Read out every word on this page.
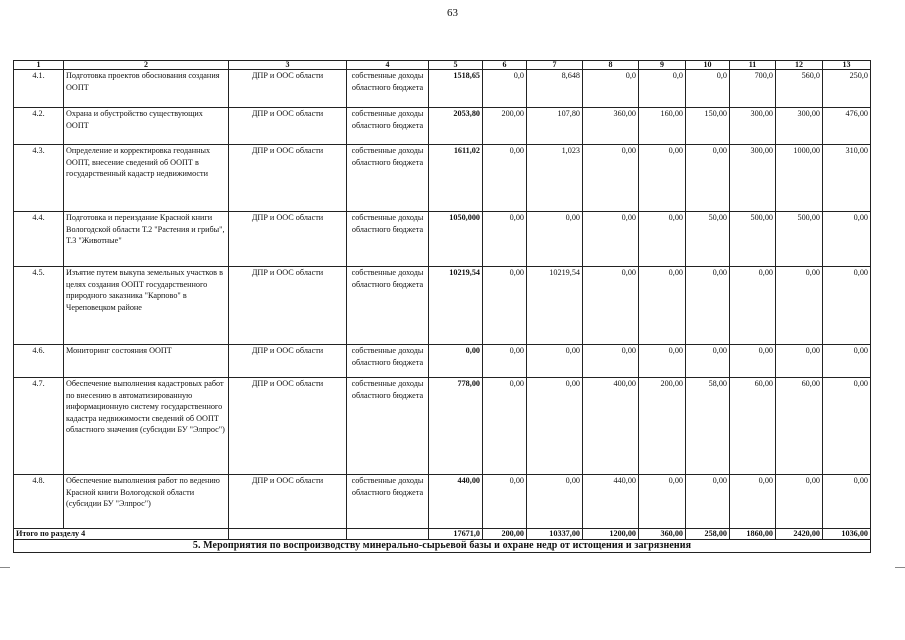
63
1	2	3	4	5	6	7	8	9	10	11	12	13
4.1.	Подготовка проектов обоснования создания ООПТ	ДПР и ООС области	собственные доходы областного бюджета	1518,65	0,0	8,648	0,0	0,0	0,0	700,0	560,0	250,0
4.2.	Охрана и обустройство существующих ООПТ	ДПР и ООС области	собственные доходы областного бюджета	2053,80	200,00	107,80	360,00	160,00	150,00	300,00	300,00	476,00
4.3.	Определение и корректировка геоданных ООПТ, внесение сведений об ООПТ в государственный кадастр недвижимости	ДПР и ООС области	собственные доходы областного бюджета	1611,02	0,00	1,023	0,00	0,00	0,00	300,00	1000,00	310,00
4.4.	Подготовка и переиздание Красной книги Вологодской области Т.2 "Растения и грибы", Т.3 "Животные"	ДПР и ООС области	собственные доходы областного бюджета	1050,000	0,00	0,00	0,00	0,00	50,00	500,00	500,00	0,00
4.5.	Изъятие путем выкупа земельных участков в целях создания ООПТ государственного природного заказника "Карпово" в Череповецком районе	ДПР и ООС области	собственные доходы областного бюджета	10219,54	0,00	10219,54	0,00	0,00	0,00	0,00	0,00	0,00
4.6.	Мониторинг состояния ООПТ	ДПР и ООС области	собственные доходы областного бюджета	0,00	0,00	0,00	0,00	0,00	0,00	0,00	0,00	0,00
4.7.	Обеспечение выполнения кадастровых работ по внесению в автоматизированную информационную систему государственного кадастра недвижимости сведений об ООПТ областного значения (субсидии БУ "Элпрос")	ДПР и ООС области	собственные доходы областного бюджета	778,00	0,00	0,00	400,00	200,00	58,00	60,00	60,00	0,00
4.8.	Обеспечение выполнения работ по ведению Красной книги Вологодской области (субсидии БУ "Элпрос")	ДПР и ООС области	собственные доходы областного бюджета	440,00	0,00	0,00	440,00	0,00	0,00	0,00	0,00	0,00
Итого по разделу 4				17671,0	200,00	10337,00	1200,00	360,00	258,00	1860,00	2420,00	1036,00
5. Мероприятия по воспроизводству минерально-сырьевой базы и охране недр от истощения и загрязнения												
